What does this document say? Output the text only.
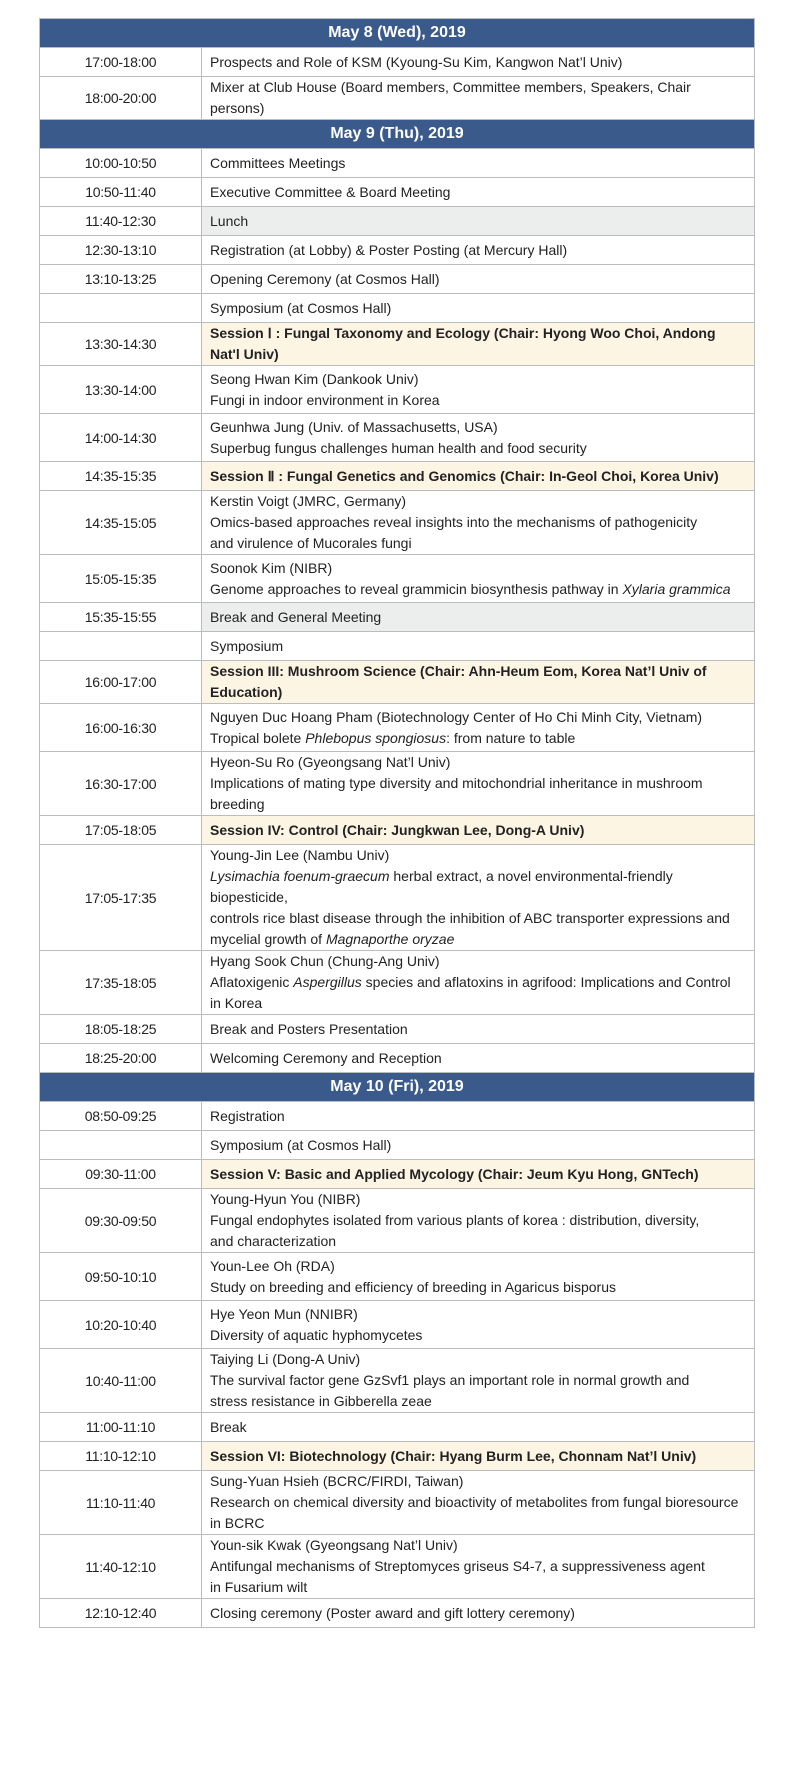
May 8 (Wed), 2019	
17:00-18:00	Prospects and Role of KSM (Kyoung-Su Kim, Kangwon Nat’l Univ)

18:00-20:00	Mixer at Club House (Board members, Committee members, Speakers, Chair persons)

May 9 (Thu), 2019	
10:00-10:50	Committees Meetings

10:50-11:40	Executive Committee & Board Meeting

11:40-12:30	Lunch

12:30-13:10	Registration (at Lobby) & Poster Posting (at Mercury Hall)

13:10-13:25	Opening Ceremony (at Cosmos Hall)

	Symposium (at Cosmos Hall)

13:30-14:30	Session Ⅰ : Fungal Taxonomy and Ecology (Chair: Hyong Woo Choi, Andong Nat'l Univ)

13:30-14:00	Seong Hwan Kim (Dankook Univ)
Fungi in indoor environment in Korea

14:00-14:30	Geunhwa Jung (Univ. of Massachusetts, USA)
Superbug fungus challenges human health and food security

14:35-15:35	Session Ⅱ : Fungal Genetics and Genomics (Chair: In-Geol Choi, Korea Univ)

14:35-15:05	Kerstin Voigt (JMRC, Germany)
Omics-based approaches reveal insights into the mechanisms of pathogenicity
and virulence of Mucorales fungi

15:05-15:35	Soonok Kim (NIBR)
Genome approaches to reveal grammicin biosynthesis pathway in Xylaria grammica

15:35-15:55	Break and General Meeting

	Symposium

16:00-17:00	Session III: Mushroom Science (Chair: Ahn-Heum Eom, Korea Nat’l Univ of Education)

16:00-16:30	Nguyen Duc Hoang Pham (Biotechnology Center of Ho Chi Minh City, Vietnam)
Tropical bolete Phlebopus spongiosus: from nature to table

16:30-17:00	Hyeon-Su Ro (Gyeongsang Nat’l Univ)
Implications of mating type diversity and mitochondrial inheritance in mushroom
breeding

17:05-18:05	Session IV: Control (Chair: Jungkwan Lee, Dong-A Univ)

17:05-17:35	Young-Jin Lee (Nambu Univ)
Lysimachia foenum-graecum herbal extract, a novel environmental-friendly biopesticide,
controls rice blast disease through the inhibition of ABC transporter expressions and
mycelial growth of Magnaporthe oryzae

17:35-18:05	Hyang Sook Chun (Chung-Ang Univ)
Aflatoxigenic Aspergillus species and aflatoxins in agrifood: Implications and Control
in Korea

18:05-18:25	Break and Posters Presentation

18:25-20:00	Welcoming Ceremony and Reception

May 10 (Fri), 2019	
08:50-09:25	Registration

	Symposium (at Cosmos Hall)

09:30-11:00	Session V: Basic and Applied Mycology (Chair: Jeum Kyu Hong, GNTech)

09:30-09:50	Young-Hyun You (NIBR)
Fungal endophytes isolated from various plants of korea : distribution, diversity,
and characterization

09:50-10:10	Youn-Lee Oh (RDA)
Study on breeding and efficiency of breeding in Agaricus bisporus

10:20-10:40	Hye Yeon Mun (NNIBR)
Diversity of aquatic hyphomycetes

10:40-11:00	Taiying Li (Dong-A Univ)
The survival factor gene GzSvf1 plays an important role in normal growth and
stress resistance in Gibberella zeae

11:00-11:10	Break

11:10-12:10	Session VI: Biotechnology (Chair: Hyang Burm Lee, Chonnam Nat’l Univ)

11:10-11:40	Sung-Yuan Hsieh (BCRC/FIRDI, Taiwan)
Research on chemical diversity and bioactivity of metabolites from fungal bioresource
in BCRC

11:40-12:10	Youn-sik Kwak (Gyeongsang Nat’l Univ)
Antifungal mechanisms of Streptomyces griseus S4-7, a suppressiveness agent
in Fusarium wilt

12:10-12:40	Closing ceremony (Poster award and gift lottery ceremony)
